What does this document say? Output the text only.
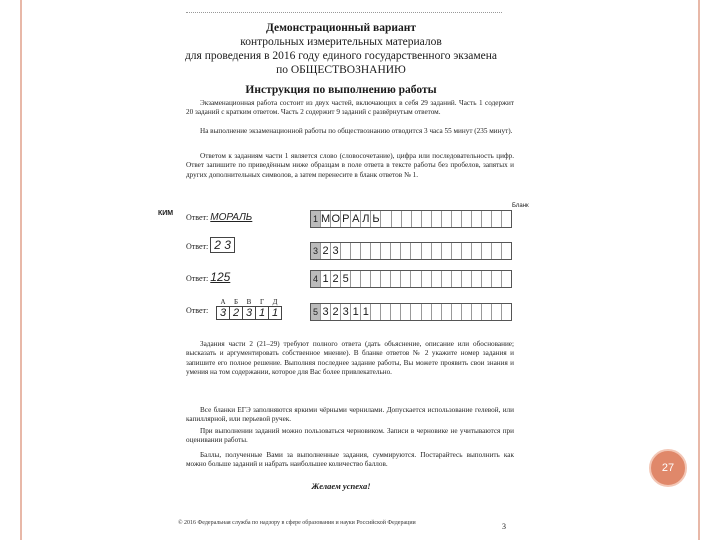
Демонстрационный вариант
контрольных измерительных материалов
для проведения в 2016 году единого государственного экзамена
по ОБЩЕСТВОЗНАНИЮ
Инструкция по выполнению работы
Экзаменационная работа состоит из двух частей, включающих в себя 29 заданий. Часть 1 содержит 20 заданий с кратким ответом. Часть 2 содержит 9 заданий с развёрнутым ответом.
На выполнение экзаменационной работы по обществознанию отводится 3 часа 55 минут (235 минут).
Ответом к заданиям части 1 является слово (словосочетание), цифра или последовательность цифр. Ответ запишите по приведённым ниже образцам в поле ответа в тексте работы без пробелов, запятых и других дополнительных символов, а затем перенесите в бланк ответов № 1.
КИМ
Бланк
Ответ: МОРАЛЬ	1 М О Р А Л Ь
Ответ: 2 3	3 2 3
Ответ: 125	4 1 2 5
Ответ:
А	Б	В	Г	Д
3	2	3	1	1	5 3 2 3 1 1
Задания части 2 (21–29) требуют полного ответа (дать объяснение, описание или обоснование; высказать и аргументировать собственное мнение). В бланке ответов № 2 укажите номер задания и запишите его полное решение. Выполняя последнее задание работы, Вы можете проявить свои знания и умения на том содержании, которое для Вас более привлекательно.
Все бланки ЕГЭ заполняются яркими чёрными чернилами. Допускается использование гелевой, или капиллярной, или перьевой ручек.
При выполнении заданий можно пользоваться черновиком. Записи в черновике не учитываются при оценивании работы.
Баллы, полученные Вами за выполненные задания, суммируются. Постарайтесь выполнить как можно больше заданий и набрать наибольшее количество баллов.
Желаем успеха!
© 2016 Федеральная служба по надзору в сфере образования и науки Российской Федерации	3
27
